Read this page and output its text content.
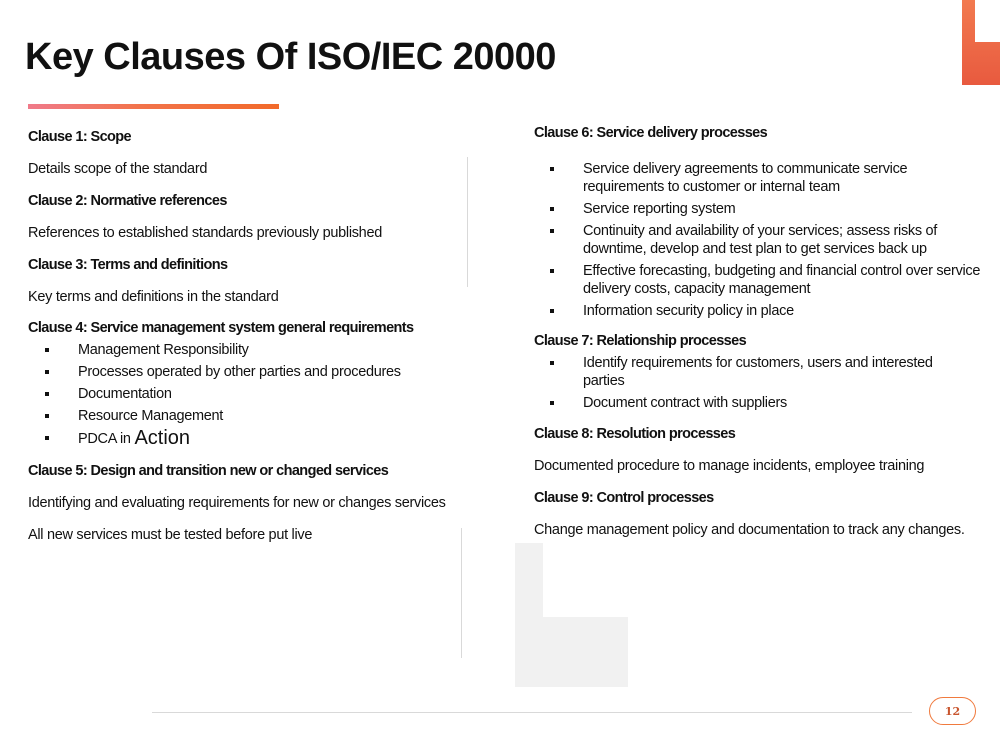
Key Clauses Of ISO/IEC 20000

Clause 1: Scope

Details scope of the standard

Clause 2: Normative references

References to established standards previously published

Clause 3: Terms and definitions

Key terms and definitions in the standard

Clause 4: Service management system general requirements

Management Responsibility
Processes operated by other parties and procedures
Documentation
Resource Management
PDCA in Action

Clause 5: Design and transition new or changed services

Identifying and evaluating requirements for new or changes services

All new services must be tested before put live

Clause 6: Service delivery processes

Service delivery agreements to communicate service requirements to customer or internal team
Service reporting system
Continuity and availability of your services; assess risks of downtime, develop and test plan to get services back up
Effective forecasting, budgeting and financial control over service delivery costs, capacity management
Information security policy in place

Clause 7: Relationship processes

Identify requirements for customers, users and interested parties
Document contract with suppliers

Clause 8: Resolution processes

Documented procedure to manage incidents, employee training

Clause 9: Control processes

Change management policy and documentation to track any changes.

12
